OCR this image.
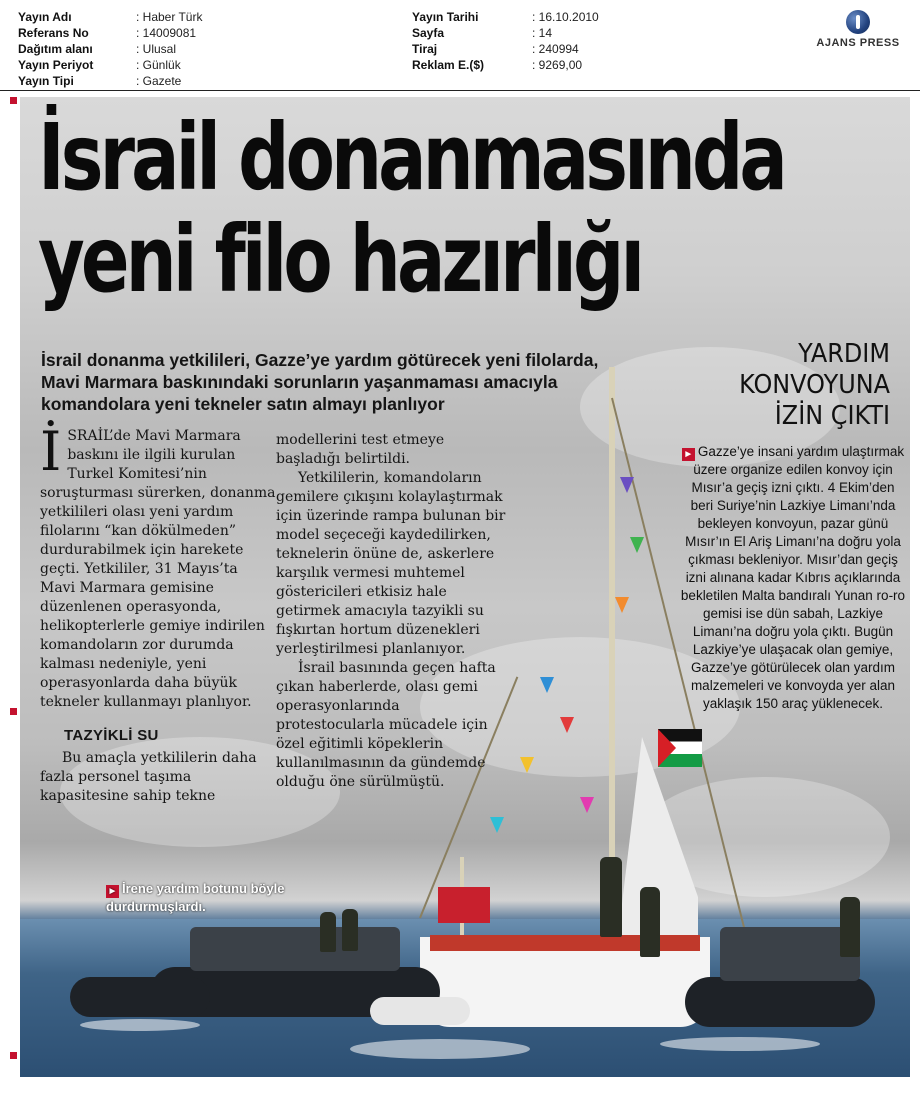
Yayın Adı	: Haber Türk
Referans No	: 14009081
Dağıtım alanı	: Ulusal
Yayın Periyot	: Günlük
Yayın Tipi	: Gazete
Yayın Tarihi	: 16.10.2010
Sayfa	: 14
Tiraj	: 240994
Reklam E.($)	: 9269,00
AJANS PRESS
İsrail donanmasında
yeni filo hazırlığı
İsrail donanma yetkilileri, Gazze’ye yardım götürecek yeni filolarda, Mavi Marmara baskınındaki sorunların yaşanmaması amacıyla komandolara yeni tekneler satın almayı planlıyor

İ SRAİL’de Mavi Marmara baskını ile ilgili kurulan Turkel Komitesi’nin soruşturması sürerken, donanma yetkilileri olası yeni yardım filolarını “kan dökülmeden” durdurabilmek için harekete geçti. Yetkililer, 31 Mayıs’ta Mavi Marmara gemisine düzenlenen operasyonda, helikopterlerle gemiye indirilen komandoların zor durumda kalması nedeniyle, yeni operasyonlarda daha büyük tekneler kullanmayı planlıyor.

TAZYİKLİ SU

Bu amaçla yetkililerin daha fazla personel taşıma kapasitesine sahip tekne

modellerini test etmeye başladığı belirtildi.

Yetkililerin, komandoların gemilere çıkışını kolaylaştırmak için üzerinde rampa bulunan bir model seçeceği kaydedilirken, teknelerin önüne de, askerlere karşılık vermesi muhtemel göstericileri etkisiz hale getirmek amacıyla tazyikli su fışkırtan hortum düzenekleri yerleştirilmesi planlanıyor.

İsrail basınında geçen hafta çıkan haberlerde, olası gemi operasyonlarında protestocularla mücadele için özel eğitimli köpeklerin kullanılmasının da gündemde olduğu öne sürülmüştü.

YARDIM
KONVOYUNA
İZİN ÇIKTI
► Gazze’ye insani yardım ulaştırmak üzere organize edilen konvoy için Mısır’a geçiş izni çıktı. 4 Ekim’den beri Suriye’nin Lazkiye Limanı’nda bekleyen konvoyun, pazar günü Mısır’ın El Ariş Limanı’na doğru yola çıkması bekleniyor. Mısır’dan geçiş izni alınana kadar Kıbrıs açıklarında bekletilen Malta bandıralı Yunan ro-ro gemisi ise dün sabah, Lazkiye Limanı’na doğru yola çıktı. Bugün Lazkiye’ye ulaşacak olan gemiye, Gazze’ye götürülecek olan yardım malzemeleri ve konvoyda yer alan yaklaşık 150 araç yüklenecek.
► İrene yardım botunu böyle durdurmuşlardı.
